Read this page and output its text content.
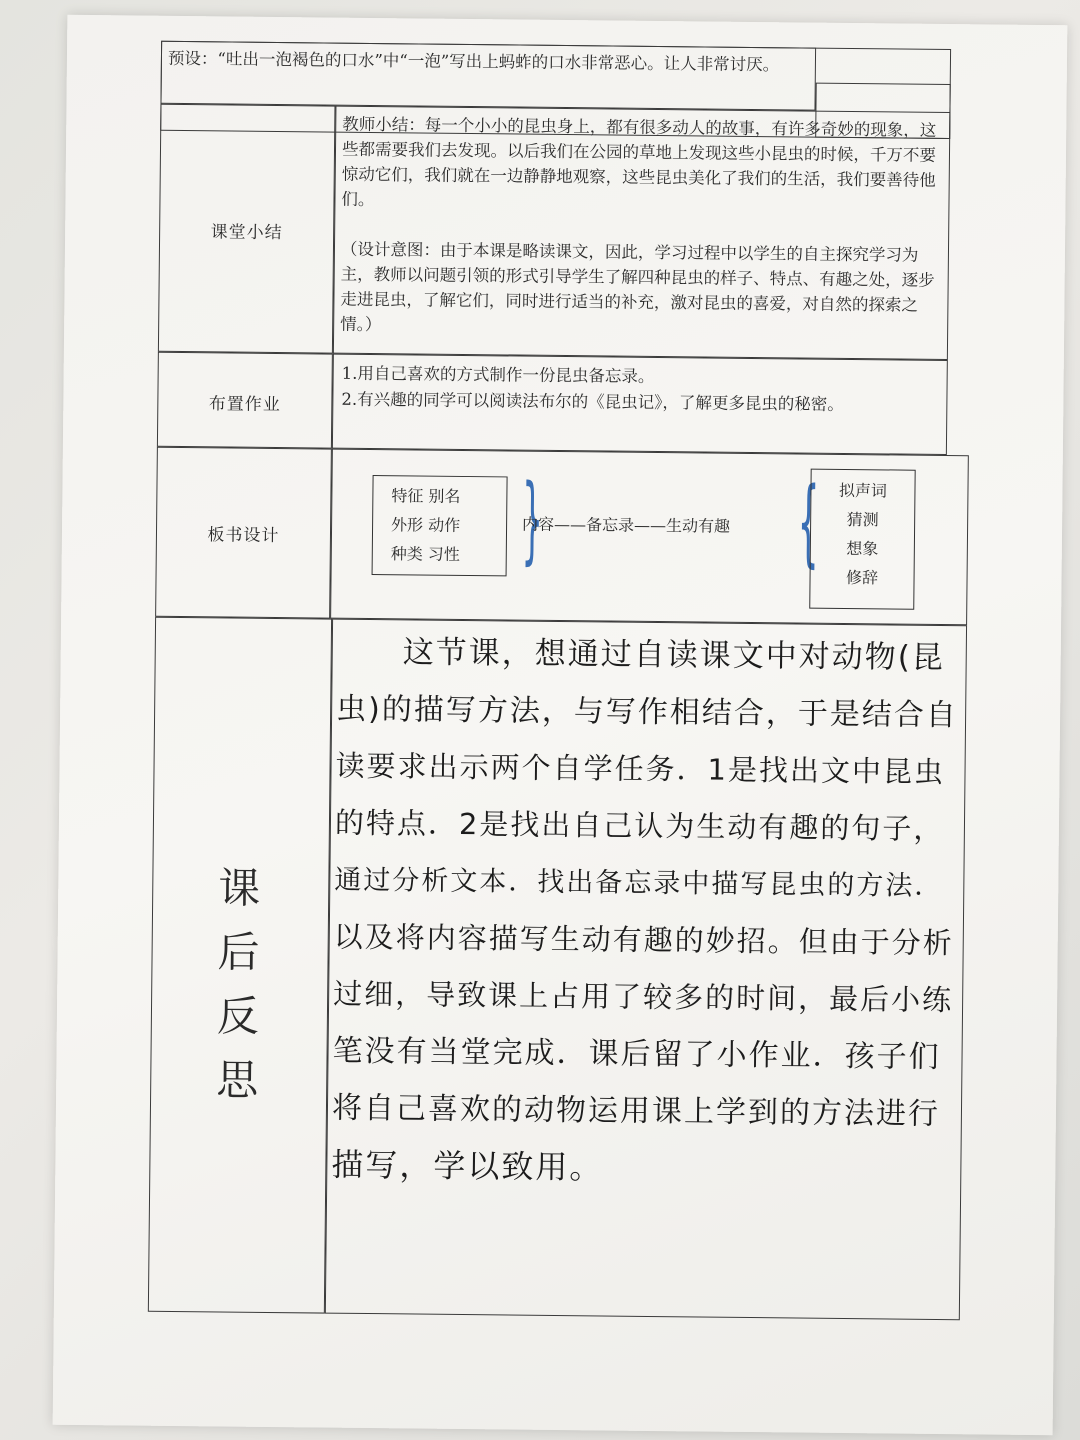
预设：“吐出一泡褐色的口水”中“一泡”写出上蚂蚱的口水非常恶心。让人非常讨厌。
课堂小结
教师小结：每一个小小的昆虫身上，都有很多动人的故事，有许多奇妙的现象，这些都需要我们去发现。以后我们在公园的草地上发现这些小昆虫的时候，千万不要惊动它们，我们就在一边静静地观察，这些昆虫美化了我们的生活，我们要善待他们。
（设计意图：由于本课是略读课文，因此，学习过程中以学生的自主探究学习为主，教师以问题引领的形式引导学生了解四种昆虫的样子、特点、有趣之处，逐步走进昆虫，了解它们，同时进行适当的补充，激对昆虫的喜爱，对自然的探索之情。）
布置作业
1.用自己喜欢的方式制作一份昆虫备忘录。
2.有兴趣的同学可以阅读法布尔的《昆虫记》，了解更多昆虫的秘密。
板书设计
特征 别名
外形 动作
种类 习性 }
内容——备忘录——生动有趣 {	拟声词
猜测
想象
修辞
课
后
反
思
这节课，想通过自读课文中对动物(昆
虫)的描写方法，与写作相结合，于是结合自
读要求出示两个自学任务．1是找出文中昆虫
的特点．2是找出自己认为生动有趣的句子，
通过分析文本．找出备忘录中描写昆虫的方法．
以及将内容描写生动有趣的妙招。但由于分析
过细，导致课上占用了较多的时间，最后小练
笔没有当堂完成．课后留了小作业．孩子们
将自己喜欢的动物运用课上学到的方法进行
描写，学以致用。
